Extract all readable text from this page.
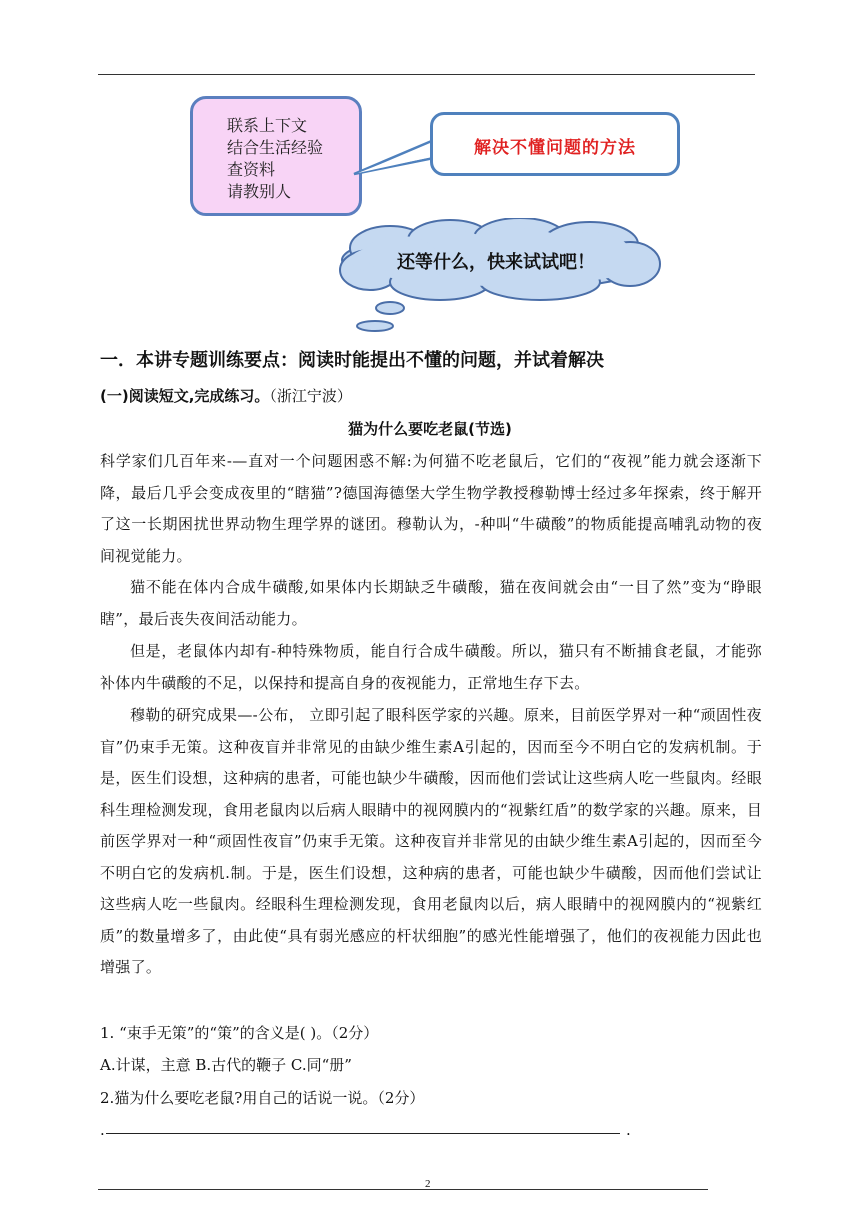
联系上下文
结合生活经验
查资料
请教别人
解决不懂问题的方法
还等什么，快来试试吧！
一．本讲专题训练要点：阅读时能提出不懂的问题，并试着解决
(一)阅读短文,完成练习。（浙江宁波）
猫为什么要吃老鼠(节选)
科学家们几百年来-—直对一个问题困惑不解:为何猫不吃老鼠后，它们的“夜视”能力就会逐渐下降，最后几乎会变成夜里的“瞎猫”?德国海德堡大学生物学教授穆勒博士经过多年探索，终于解开了这一长期困扰世界动物生理学界的谜团。穆勒认为，-种叫“牛磺酸”的物质能提高哺乳动物的夜间视觉能力。
猫不能在体内合成牛磺酸,如果体内长期缺乏牛磺酸，猫在夜间就会由“一目了然”变为“睁眼瞎”，最后丧失夜间活动能力。
但是，老鼠体内却有-种特殊物质，能自行合成牛磺酸。所以，猫只有不断捕食老鼠，才能弥补体内牛磺酸的不足，以保持和提高自身的夜视能力，正常地生存下去。
穆勒的研究成果—-公布， 立即引起了眼科医学家的兴趣。原来，目前医学界对一种“顽固性夜盲”仍束手无策。这种夜盲并非常见的由缺少维生素A引起的，因而至今不明白它的发病机制。于是，医生们设想，这种病的患者，可能也缺少牛磺酸，因而他们尝试让这些病人吃一些鼠肉。经眼科生理检测发现，食用老鼠肉以后病人眼睛中的视网膜内的“视紫红盾”的数学家的兴趣。原来，目前医学界对一种“顽固性夜盲”仍束手无策。这种夜盲并非常见的由缺少维生素A引起的，因而至今不明白它的发病机.制。于是，医生们设想，这种病的患者，可能也缺少牛磺酸，因而他们尝试让这些病人吃一些鼠肉。经眼科生理检测发现，食用老鼠肉以后，病人眼睛中的视网膜内的“视紫红质”的数量增多了，由此使“具有弱光感应的杆状细胞”的感光性能增强了，他们的夜视能力因此也增强了。
1. “束手无策”的“策”的含义是( )。（2分）
A.计谋，主意 B.古代的鞭子 C.同“册”
2.猫为什么要吃老鼠?用自己的话说一说。（2分）
.	.
2
